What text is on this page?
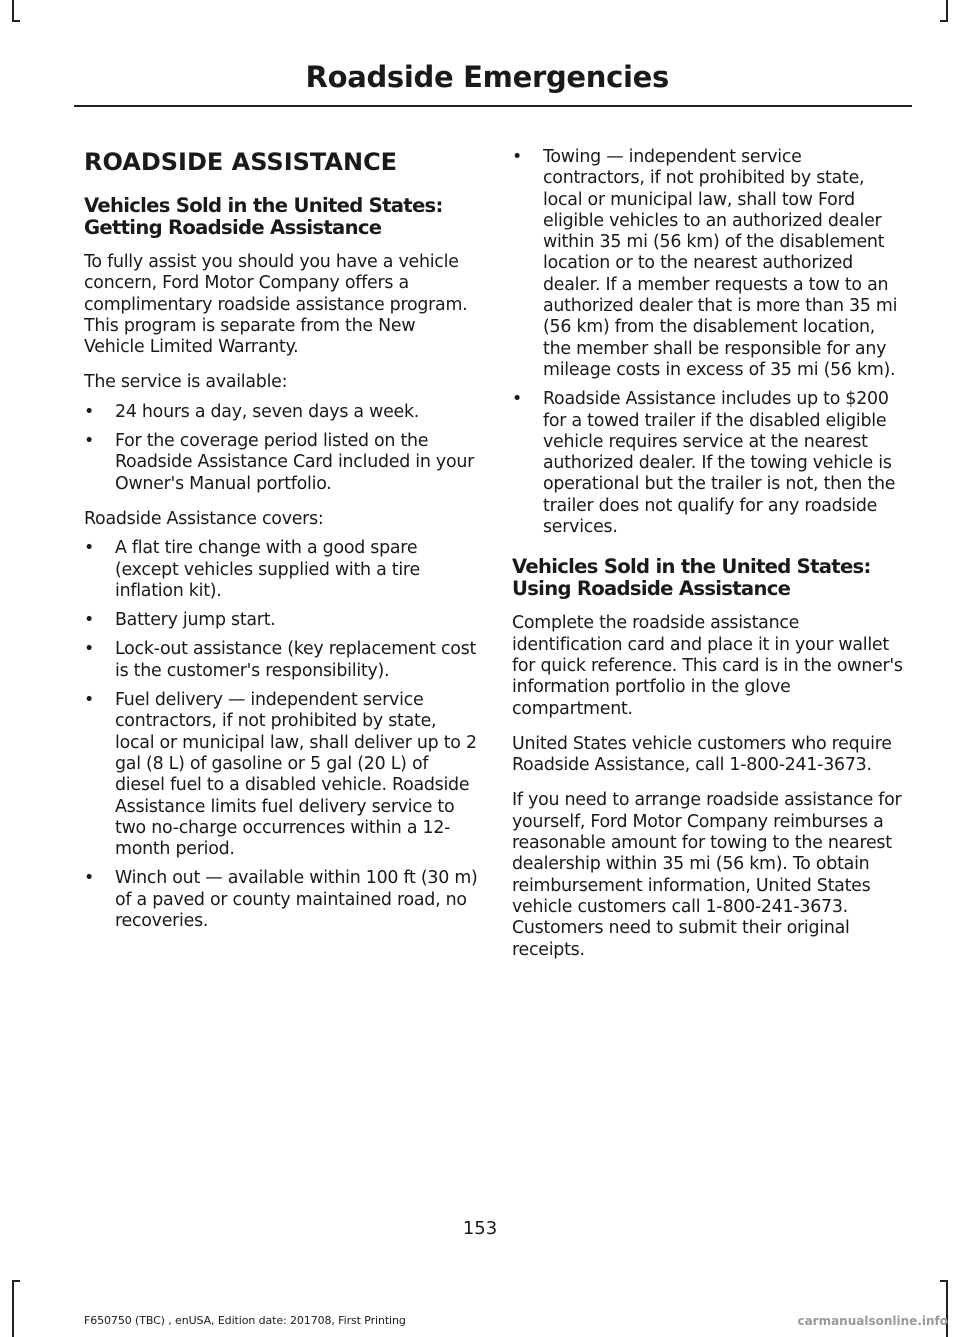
Roadside Emergencies
ROADSIDE ASSISTANCE
Vehicles Sold in the United States:
Getting Roadside Assistance

To fully assist you should you have a vehicle concern, Ford Motor Company offers a complimentary roadside assistance program. This program is separate from the New Vehicle Limited Warranty.

The service is available:

• 24 hours a day, seven days a week.
• For the coverage period listed on the Roadside Assistance Card included in your Owner's Manual portfolio.

Roadside Assistance covers:

• A flat tire change with a good spare (except vehicles supplied with a tire inflation kit).
• Battery jump start.
• Lock-out assistance (key replacement cost is the customer's responsibility).
• Fuel delivery — independent service contractors, if not prohibited by state, local or municipal law, shall deliver up to 2 gal (8 L) of gasoline or 5 gal (20 L) of diesel fuel to a disabled vehicle. Roadside Assistance limits fuel delivery service to two no-charge occurrences within a 12-month period.
• Winch out — available within 100 ft (30 m) of a paved or county maintained road, no recoveries.
• Towing — independent service contractors, if not prohibited by state, local or municipal law, shall tow Ford eligible vehicles to an authorized dealer within 35 mi (56 km) of the disablement location or to the nearest authorized dealer. If a member requests a tow to an authorized dealer that is more than 35 mi (56 km) from the disablement location, the member shall be responsible for any mileage costs in excess of 35 mi (56 km).
• Roadside Assistance includes up to $200 for a towed trailer if the disabled eligible vehicle requires service at the nearest authorized dealer. If the towing vehicle is operational but the trailer is not, then the trailer does not qualify for any roadside services.
Vehicles Sold in the United States:
Using Roadside Assistance

Complete the roadside assistance identification card and place it in your wallet for quick reference. This card is in the owner's information portfolio in the glove compartment.

United States vehicle customers who require Roadside Assistance, call 1-800-241-3673.

If you need to arrange roadside assistance for yourself, Ford Motor Company reimburses a reasonable amount for towing to the nearest dealership within 35 mi (56 km). To obtain reimbursement information, United States vehicle customers call 1-800-241-3673. Customers need to submit their original receipts.

153
F650750 (TBC) , enUSA, Edition date: 201708, First Printing	carmanualsonline.info
